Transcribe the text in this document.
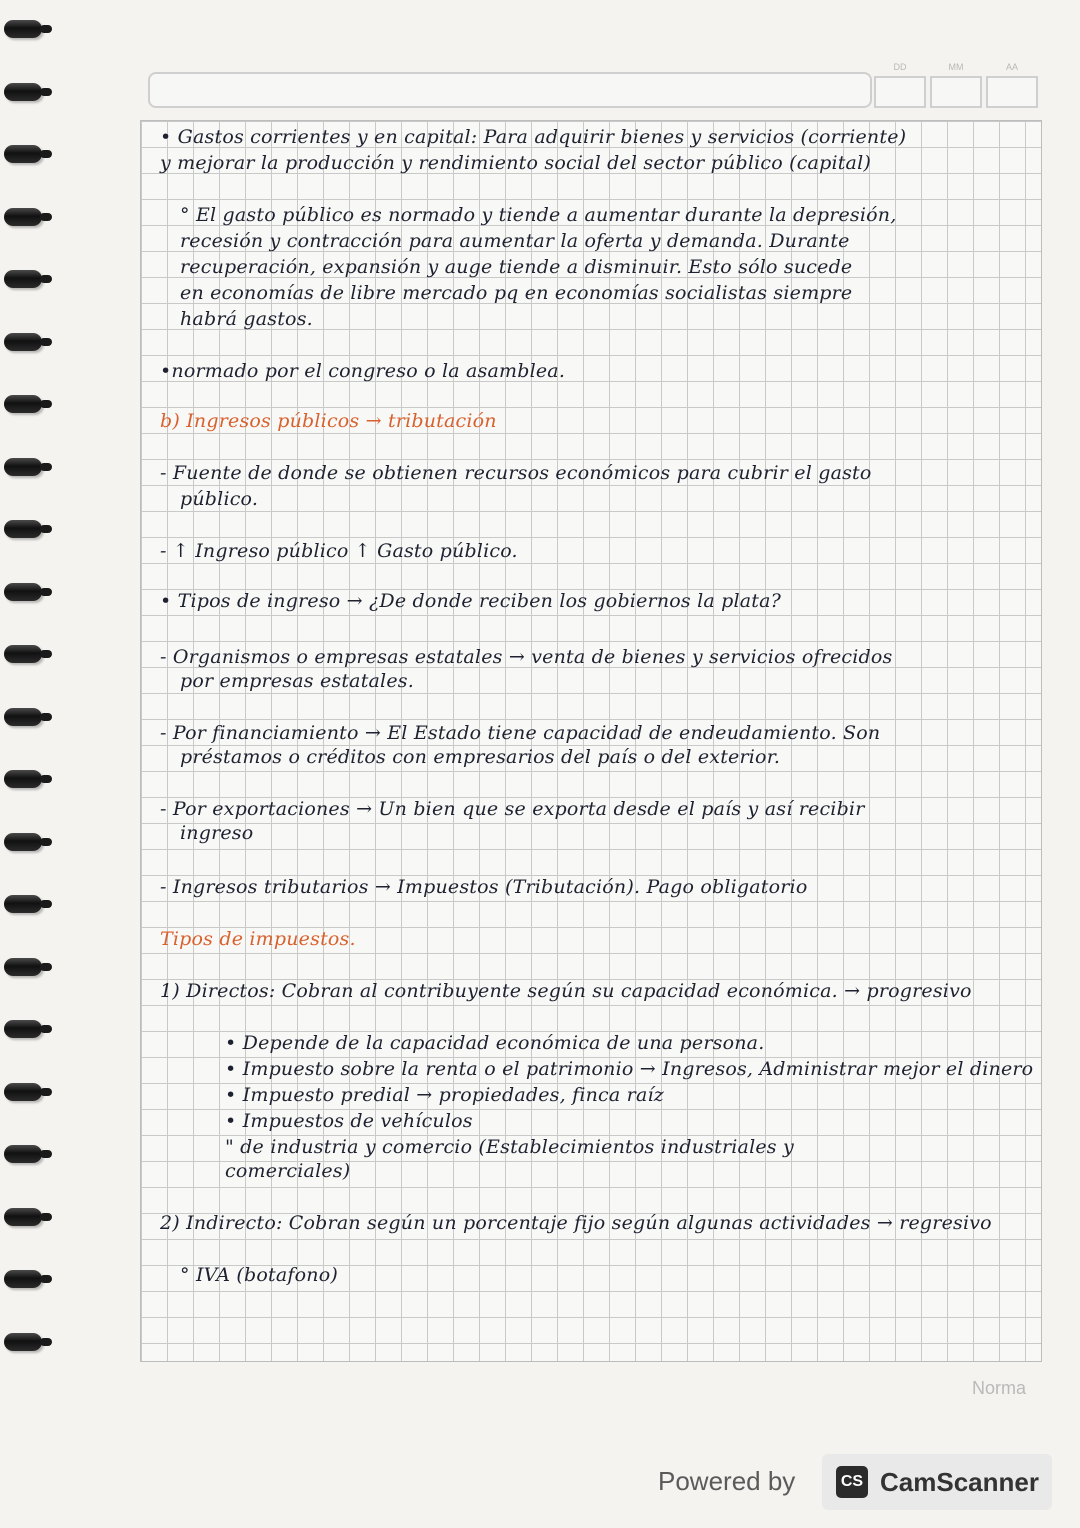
DD	MM	AA
• Gastos corrientes y en capital: Para adquirir bienes y servicios (corriente)
y mejorar la producción y rendimiento social del sector público (capital)
° El gasto público es normado y tiende a aumentar durante la depresión,
recesión y contracción para aumentar la oferta y demanda. Durante
recuperación, expansión y auge tiende a disminuir. Esto sólo sucede
en economías de libre mercado pq en economías socialistas siempre
habrá gastos.
•normado por el congreso o la asamblea.
b) Ingresos públicos → tributación
- Fuente de donde se obtienen recursos económicos para cubrir el gasto
público.
- ↑ Ingreso público ↑ Gasto público.
• Tipos de ingreso → ¿De donde reciben los gobiernos la plata?
- Organismos o empresas estatales → venta de bienes y servicios ofrecidos
por empresas estatales.
- Por financiamiento → El Estado tiene capacidad de endeudamiento. Son
préstamos o créditos con empresarios del país o del exterior.
- Por exportaciones → Un bien que se exporta desde el país y así recibir
ingreso
- Ingresos tributarios → Impuestos (Tributación). Pago obligatorio
Tipos de impuestos.
1) Directos: Cobran al contribuyente según su capacidad económica. → progresivo
• Depende de la capacidad económica de una persona.
• Impuesto sobre la renta o el patrimonio → Ingresos, Administrar mejor el dinero
• Impuesto predial → propiedades, finca raíz
• Impuestos de vehículos
" de industria y comercio (Establecimientos industriales y
comerciales)
2) Indirecto: Cobran según un porcentaje fijo según algunas actividades → regresivo
° IVA (botafono)
Norma
Powered by	CS CamScanner
